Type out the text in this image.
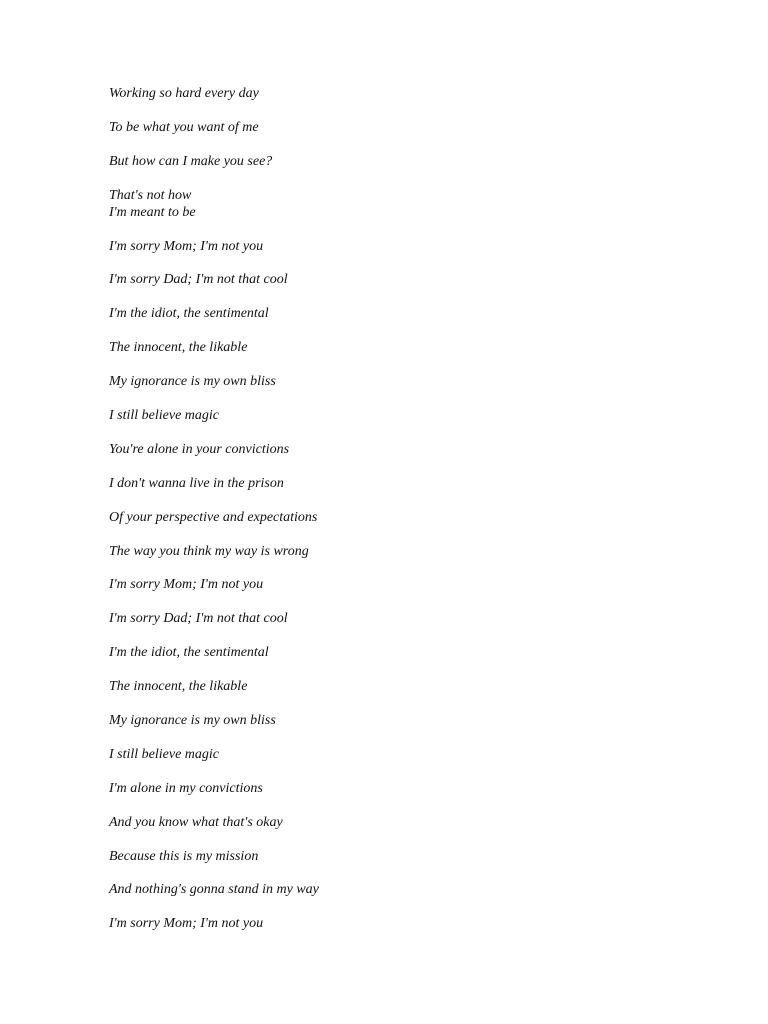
Working so hard every day
To be what you want of me
But how can I make you see?
That's not how
I'm meant to be
I'm sorry Mom; I'm not you
I'm sorry Dad; I'm not that cool
I'm the idiot, the sentimental
The innocent, the likable
My ignorance is my own bliss
I still believe magic
You're alone in your convictions
I don't wanna live in the prison
Of your perspective and expectations
The way you think my way is wrong
I'm sorry Mom; I'm not you
I'm sorry Dad; I'm not that cool
I'm the idiot, the sentimental
The innocent, the likable
My ignorance is my own bliss
I still believe magic
I'm alone in my convictions
And you know what that's okay
Because this is my mission
And nothing's gonna stand in my way
I'm sorry Mom; I'm not you
